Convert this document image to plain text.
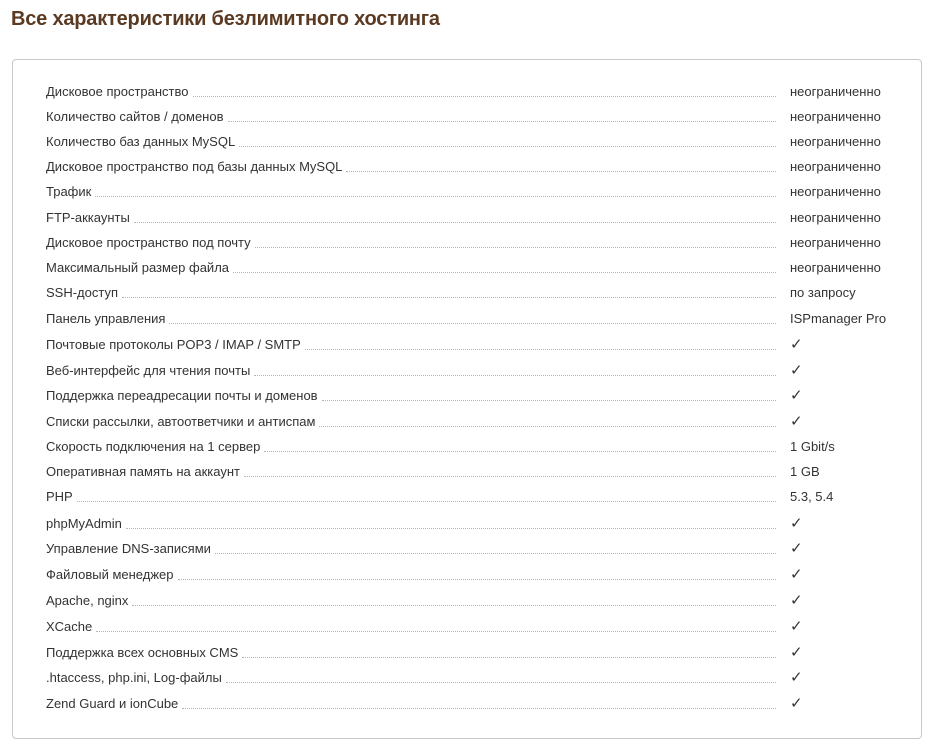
Все характеристики безлимитного хостинга
Дисковое пространство	неограниченно
Количество сайтов / доменов	неограниченно
Количество баз данных MySQL	неограниченно
Дисковое пространство под базы данных MySQL	неограниченно
Трафик	неограниченно
FTP-аккаунты	неограниченно
Дисковое пространство под почту	неограниченно
Максимальный размер файла	неограниченно
SSH-доступ	по запросу
Панель управления	ISPmanager Pro
Почтовые протоколы POP3 / IMAP / SMTP	✓
Веб-интерфейс для чтения почты	✓
Поддержка переадресации почты и доменов	✓
Списки рассылки, автоответчики и антиспам	✓
Скорость подключения на 1 сервер	1 Gbit/s
Оперативная память на аккаунт	1 GB
PHP	5.3, 5.4
phpMyAdmin	✓
Управление DNS-записями	✓
Файловый менеджер	✓
Apache, nginx	✓
XCache	✓
Поддержка всех основных CMS	✓
.htaccess, php.ini, Log-файлы	✓
Zend Guard и ionCube	✓
